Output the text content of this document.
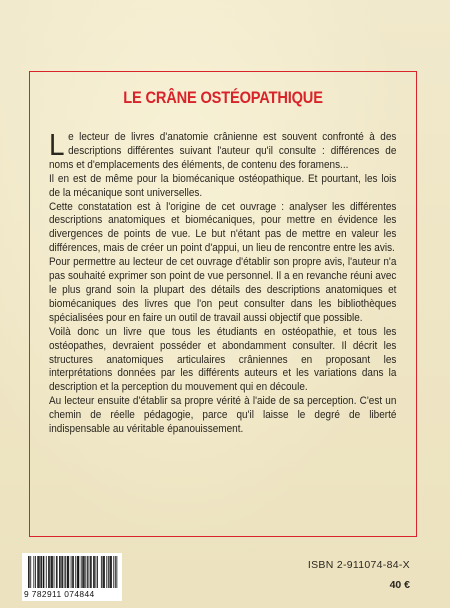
LE CRÂNE OSTÉOPATHIQUE

Le lecteur de livres d'anatomie crânienne est souvent confronté à des descriptions différentes suivant l'auteur qu'il consulte : différences de noms et d'emplacements des éléments, de contenu des foramens...

Il en est de même pour la biomécanique ostéopathique. Et pourtant, les lois de la mécanique sont universelles.

Cette constatation est à l'origine de cet ouvrage : analyser les différentes descriptions anatomiques et biomécaniques, pour mettre en évidence les divergences de points de vue. Le but n'étant pas de mettre en valeur les différences, mais de créer un point d'appui, un lieu de rencontre entre les avis.

Pour permettre au lecteur de cet ouvrage d'établir son propre avis, l'auteur n'a pas souhaité exprimer son point de vue personnel. Il a en revanche réuni avec le plus grand soin la plupart des détails des descriptions anatomiques et biomécaniques des livres que l'on peut consulter dans les bibliothèques spécialisées pour en faire un outil de travail aussi objectif que possible.

Voilà donc un livre que tous les étudiants en ostéopathie, et tous les ostéopathes, devraient posséder et abondamment consulter. Il décrit les structures anatomiques articulaires crâniennes en proposant les interprétations données par les différents auteurs et les variations dans la description et la perception du mouvement qui en découle.

Au lecteur ensuite d'établir sa propre vérité à l'aide de sa perception. C'est un chemin de réelle pédagogie, parce qu'il laisse le degré de liberté indispensable au véritable épanouissement.

9 782911 074844
ISBN 2-911074-84-X
40 €
